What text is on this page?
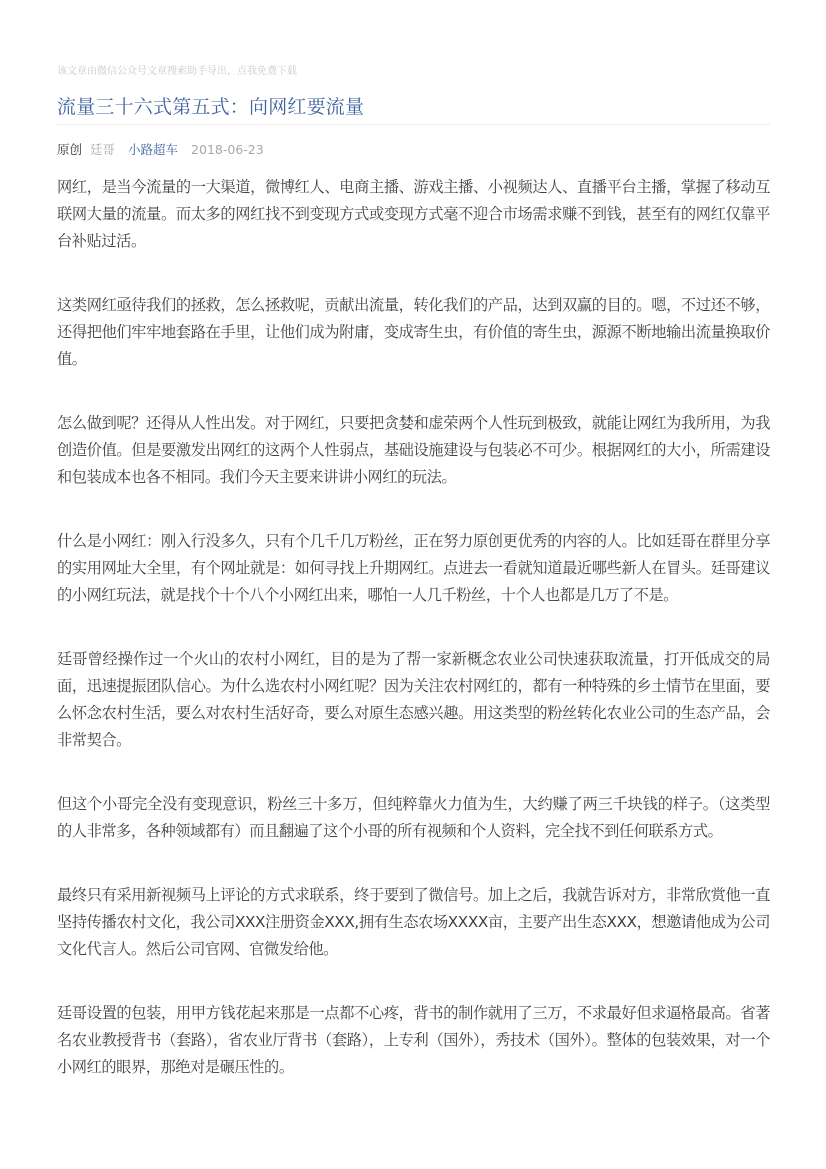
该文章由微信公众号文章搜索助手导出，点我免费下载
流量三十六式第五式：向网红要流量
原创 廷哥 小路超车 2018-06-23

网红，是当今流量的一大渠道，微博红人、电商主播、游戏主播、小视频达人、直播平台主播，掌握了移动互联网大量的流量。而太多的网红找不到变现方式或变现方式毫不迎合市场需求赚不到钱，甚至有的网红仅靠平台补贴过活。

这类网红亟待我们的拯救，怎么拯救呢，贡献出流量，转化我们的产品，达到双赢的目的。嗯，不过还不够，还得把他们牢牢地套路在手里，让他们成为附庸，变成寄生虫，有价值的寄生虫，源源不断地输出流量换取价值。

怎么做到呢？还得从人性出发。对于网红，只要把贪婪和虚荣两个人性玩到极致，就能让网红为我所用，为我创造价值。但是要激发出网红的这两个人性弱点，基础设施建设与包装必不可少。根据网红的大小，所需建设和包装成本也各不相同。我们今天主要来讲讲小网红的玩法。

什么是小网红：刚入行没多久，只有个几千几万粉丝，正在努力原创更优秀的内容的人。比如廷哥在群里分享的实用网址大全里，有个网址就是：如何寻找上升期网红。点进去一看就知道最近哪些新人在冒头。廷哥建议的小网红玩法，就是找个十个八个小网红出来，哪怕一人几千粉丝，十个人也都是几万了不是。

廷哥曾经操作过一个火山的农村小网红，目的是为了帮一家新概念农业公司快速获取流量，打开低成交的局面，迅速提振团队信心。为什么选农村小网红呢？因为关注农村网红的，都有一种特殊的乡土情节在里面，要么怀念农村生活，要么对农村生活好奇，要么对原生态感兴趣。用这类型的粉丝转化农业公司的生态产品，会非常契合。

但这个小哥完全没有变现意识，粉丝三十多万，但纯粹靠火力值为生，大约赚了两三千块钱的样子。（这类型的人非常多，各种领域都有）而且翻遍了这个小哥的所有视频和个人资料，完全找不到任何联系方式。

最终只有采用新视频马上评论的方式求联系，终于要到了微信号。加上之后，我就告诉对方，非常欣赏他一直坚持传播农村文化，我公司XXX注册资金XXX,拥有生态农场XXXX亩，主要产出生态XXX，想邀请他成为公司文化代言人。然后公司官网、官微发给他。

廷哥设置的包装，用甲方钱花起来那是一点都不心疼，背书的制作就用了三万，不求最好但求逼格最高。省著名农业教授背书（套路），省农业厅背书（套路），上专利（国外），秀技术（国外）。整体的包装效果，对一个小网红的眼界，那绝对是碾压性的。
